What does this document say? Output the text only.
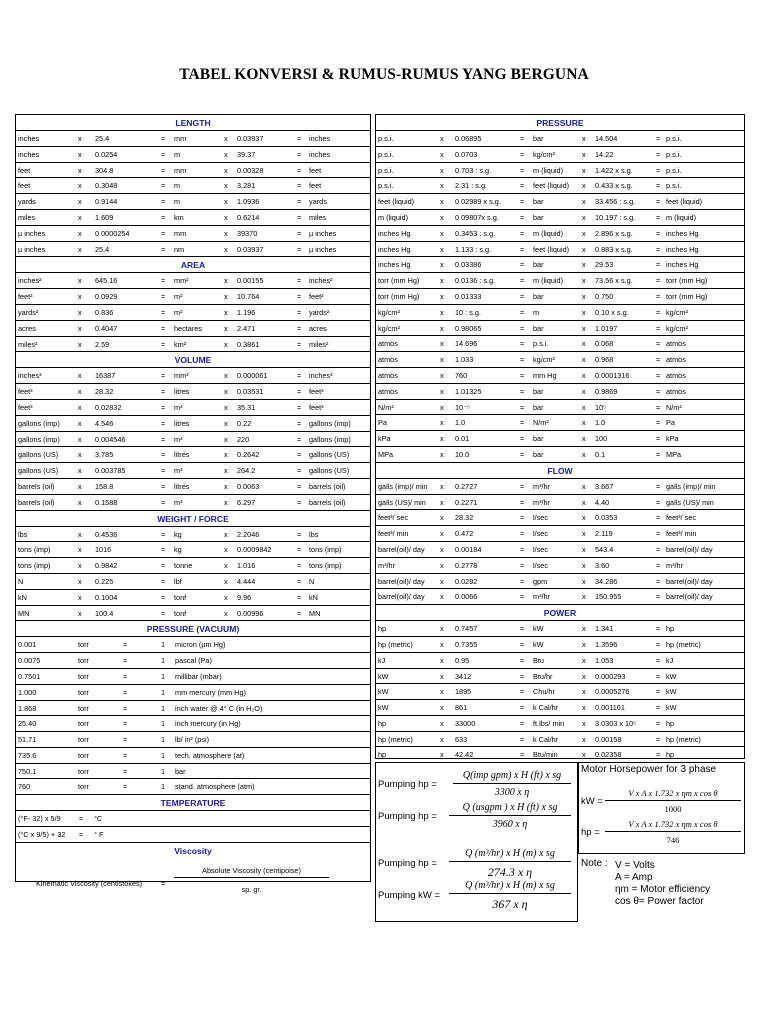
TABEL KONVERSI & RUMUS-RUMUS YANG BERGUNA
LENGTH
inches	x 25.4	= mm	x 0.03937	= inches
inches	x 0.0254	= m	x 39.37	= inches
feet	x 304.8	= mm	x 0.00328	= feet
feet	x 0.3048	= m	x 3.281	= feet
yards	x 0.9144	= m	x 1.0936	= yards
miles	x 1.609	= km	x 0.6214	= miles
µ inches	x 0.0000254	= mm	x 39370	= µ inches
µ inches	x 25.4	= nm	x 0.03937	= µ inches
AREA
inches²	x 645.16	= mm²	x 0.00155	= inches²
feet²	x 0.0929	= m²	x 10.764	= feet²
yards²	x 0.836	= m²	x 1.196	= yards²
acres	x 0.4047	= hectares	x 2.471	= acres
miles²	x 2.59	= km²	x 0.3861	= miles²
VOLUME
inches³	x 16387	= mm³	x 0.000061	= inches³
feet³	x 28.32	= litres	x 0.03531	= feet³
feet³	x 0.02832	= m³	x 35.31	= feet³
gallons (imp) x 4.546	= litres	x 0.22	= gallons (imp)
gallons (imp) x 0.004546	= m³	x 220	= gallons (imp)
gallons (US)	x 3.785	= litres	x 0.2642	= gallons (US)
gallons (US)	x 0.003785	= m³	x 264.2	= gallons (US)
barrels (oil)	x 158.8	= litres	x 0.0063	= barrels (oil)
barrels (oil)	x 0.1588	= m³	x 6.297	= barrels (oil)
WEIGHT / FORCE
lbs	x 0.4536	= kg	x 2.2046	= lbs
tons (imp)	x 1016	= kg	x 0.0009842	= tons (imp)
tons (imp)	x 0.9842	= tonne	x 1.016	= tons (imp)
N	x 0.225	= lbf	x 4.444	= N
kN	x 0.1004	= tonf	x 9.96	= kN
MN	x 100.4	= tonf	x 0.00996	= MN
PRESSURE (VACUUM)
0.001	torr	=	1 micron (µm Hg)
0.0075	torr	=	1 pascal (Pa)
0.7501	torr	=	1 millibar (mbar)
1.000	torr	=	1 mm mercury (mm Hg)
1.868	torr	=	1 inch water @ 4° C (in H₂O)
25.40	torr	=	1 inch mercury (in Hg)
51.71	torr	=	1 lb/ in² (psi)
735.6	torr	=	1 tech. atmosphere (at)
750.1	torr	=	1 bar
760	torr	=	1 stand. atmosphere (atm)
TEMPERATURE
(°F- 32) x 5/9	= °C
(°C x 9/5) + 32 = ° F
Viscosity
Kinematic Viscosity (centistokes)	=
Absolute Viscosity (centipoise)
sp. gr.
PRESSURE
p.s.i.	x 0.06895	= bar	x 14.504	= p.s.i.
p.s.i.	x 0.0703	= kg/cm²	x 14.22	= p.s.i.
p.s.i.	x 0.703 : s.g.	= m (liquid)	x 1.422 x s.g.	= p.s.i.
p.s.i.	x 2.31 : s.g.	= feet (liquid) x 0.433 x s.g.	= p.s.i.
feet (liquid)	x 0.02989 x s.g.	= bar	x 33.456 : s.g.	= feet (liquid)
m (liquid)	x 0.09807x s.g.	= bar	x 10.197 : s.g.	= m (liquid)
inches Hg	x 0.3453 : s.g.	= m (liquid)	x 2.896 x s.g.	= inches Hg
inches Hg	x 1.133 : s.g.	= feet (liquid) x 0.883 x s.g.	= inches Hg
inches Hg	x 0.03386	= bar	x 29.53	= inches Hg
torr (mm Hg)	x 0.0136 : s.g.	= m (liquid)	x 73.56 x s.g.	= torr (mm Hg)
torr (mm Hg)	x 0.01333	= bar	x 0.750	= torr (mm Hg)
kg/cm²	x 10 : s.g.	= m	x 0.10 x s.g.	= kg/cm²
kg/cm²	x 0.98065	= bar	x 1.0197	= kg/cm²
atmos	x 14.696	= p.s.i.	x 0.068	= atmos
atmos	x 1.033	= kg/cm²	x 0.968	= atmos
atmos	x 760	= mm Hg	x 0.0001316	= atmos
atmos	x 1.01325	= bar	x 0.9869	= atmos
N/m²	x 10⁻⁵	= bar	x 10⁵	= N/m²
Pa	x 1.0	= N/m²	x 1.0	= Pa
kPa	x 0.01	= bar	x 100	= kPa
MPa	x 10.0	= bar	x 0.1	= MPa
FLOW
galls (imp)/ min x 0.2727	= m³/hr	x 3.667	= galls (imp)/ min
galls (US)/ min x 0.2271	= m³/hr	x 4.40	= galls (US)/ min
feet³/ sec	x 28.32	= l/sec	x 0.0353	= feet³/ sec
feet³/ min	x 0.472	= l/sec	x 2.119	= feet³/ min
barrel(oil)/ day x 0.00184	= l/sec	x 543.4	= barrel(oil)/ day
m³/hr	x 0.2778	= l/sec	x 3.60	= m³/hr
barrel(oil)/ day x 0.0292	= gpm	x 34.286	= barrel(oil)/ day
barrel(oil)/ day x 0.0066	= m³/hr	x 150.955	= barrel(oil)/ day
POWER
hp	x 0.7457	= kW	x 1.341	= hp
hp (metric)	x 0.7355	= kW	x 1.3596	= hp (metric)
kJ	x 0.95	= Btu	x 1.053	= kJ
kW	x 3412	= Btu/hr	x 0.000293	= kW
kW	x 1895	= Chu/hr	x 0.0005276	= kW
kW	x 861	= k Cal/hr	x 0.001161	= kW
hp	x 33000	= ft.lbs/ min x 3.0303 x 10⁵	= hp
hp (metric)	x 633	= k Cal/hr	x 0.00158	= hp (metric)
hp	x 42.42	= Btu/min	x 0.02358	= hp
Pumping hp =
Q(imp gpm) x H (ft) x sg
3300 x η
Pumping hp =
Q (usgpm ) x H (ft) x sg
3960 x η
Pumping hp =
Q (m³/hr) x H (m) x sg
274.3 x η
Pumping kW =
Q (m³/hr) x H (m) x sg
367 x η
Motor Horsepower for 3 phase
kW = $\frac{\text{V x A x 1.732 x ηm x cos θ}}{1000}$
hp = $\frac{\text{V x A x 1.732 x ηm x cos θ}}{746}$
Note : V = Volts
A = Amp
ηm = Motor efficiency
cos θ= Power factor
